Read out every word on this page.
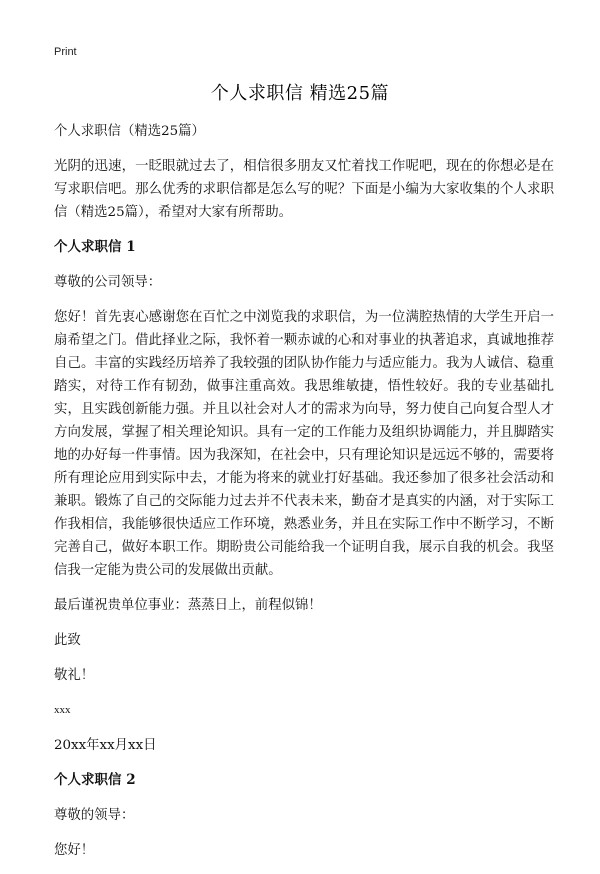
Print
个人求职信 精选25篇

个人求职信（精选25篇）

光阴的迅速，一眨眼就过去了，相信很多朋友又忙着找工作呢吧，现在的你想必是在写求职信吧。那么优秀的求职信都是怎么写的呢？下面是小编为大家收集的个人求职信（精选25篇），希望对大家有所帮助。

个人求职信 1

尊敬的公司领导：

您好！首先衷心感谢您在百忙之中浏览我的求职信，为一位满腔热情的大学生开启一扇希望之门。借此择业之际，我怀着一颗赤诚的心和对事业的执著追求，真诚地推荐自己。丰富的实践经历培养了我较强的团队协作能力与适应能力。我为人诚信、稳重踏实，对待工作有韧劲，做事注重高效。我思维敏捷，悟性较好。我的专业基础扎实，且实践创新能力强。并且以社会对人才的需求为向导，努力使自己向复合型人才方向发展，掌握了相关理论知识。具有一定的工作能力及组织协调能力，并且脚踏实地的办好每一件事情。因为我深知，在社会中，只有理论知识是远远不够的，需要将所有理论应用到实际中去，才能为将来的就业打好基础。我还参加了很多社会活动和兼职。锻炼了自己的交际能力过去并不代表未来，勤奋才是真实的内涵，对于实际工作我相信，我能够很快适应工作环境，熟悉业务，并且在实际工作中不断学习，不断完善自己，做好本职工作。期盼贵公司能给我一个证明自我，展示自我的机会。我坚信我一定能为贵公司的发展做出贡献。

最后谨祝贵单位事业：蒸蒸日上，前程似锦！

此致

敬礼！

xxx

20xx年xx月xx日

个人求职信 2

尊敬的领导：

您好！
